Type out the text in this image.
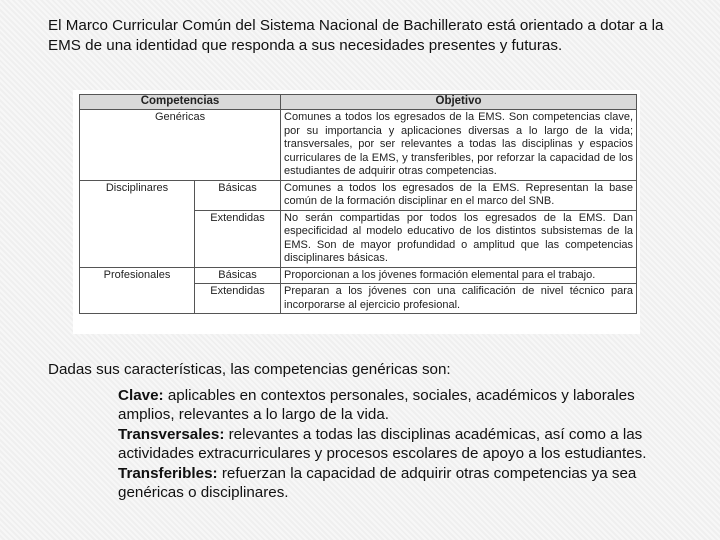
El Marco Curricular Común del Sistema Nacional de Bachillerato está orientado a dotar a la EMS de una identidad que responda a sus necesidades presentes y futuras.

Competencias		Objetivo
Genéricas		Comunes a todos los egresados de la EMS. Son competencias clave, por su importancia y aplicaciones diversas a lo largo de la vida; transversales, por ser relevantes a todas las disciplinas y espacios curriculares de la EMS, y transferibles, por reforzar la capacidad de los estudiantes de adquirir otras competencias.
Disciplinares	Básicas	Comunes a todos los egresados de la EMS. Representan la base común de la formación disciplinar en el marco del SNB.
	Extendidas	No serán compartidas por todos los egresados de la EMS. Dan especificidad al modelo educativo de los distintos subsistemas de la EMS. Son de mayor profundidad o amplitud que las competencias disciplinares básicas.
Profesionales	Básicas	Proporcionan a los jóvenes formación elemental para el trabajo.
	Extendidas	Preparan a los jóvenes con una calificación de nivel técnico para incorporarse al ejercicio profesional.

Dadas sus características, las competencias genéricas son:

Clave: aplicables en contextos personales, sociales, académicos y laborales amplios, relevantes a lo largo de la vida.
Transversales: relevantes a todas las disciplinas académicas, así como a las actividades extracurriculares y procesos escolares de apoyo a los estudiantes.
Transferibles: refuerzan la capacidad de adquirir otras competencias ya sea genéricas o disciplinares.
